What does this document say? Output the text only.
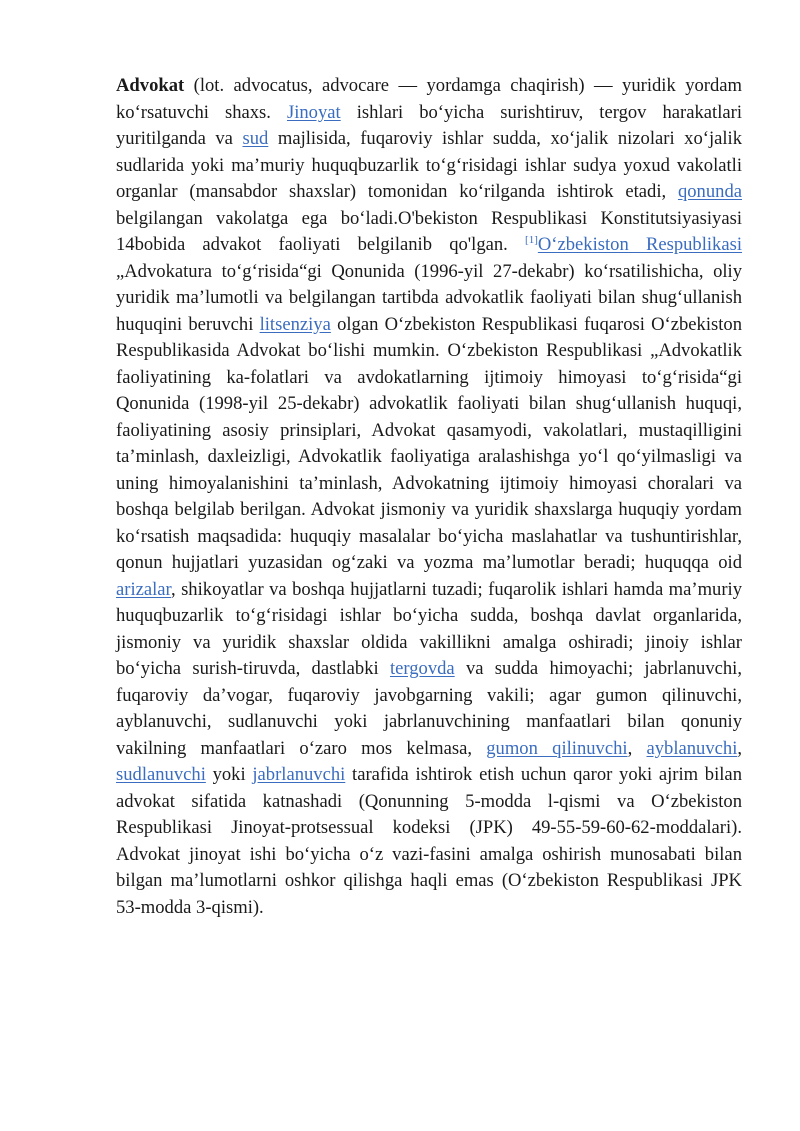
Advokat (lot. advocatus, advocare — yordamga chaqirish) — yuridik yordam koʻrsatuvchi shaxs. Jinoyat ishlari boʻyicha surishtiruv, tergov harakatlari yuritilganda va sud majlisida, fuqaroviy ishlar sudda, xoʻjalik nizolari xoʻjalik sudlarida yoki maʼmuriy huquqbuzarlik toʻgʻrisidagi ishlar sudya yoxud vakolatli organlar (mansabdor shaxslar) tomonidan koʻrilganda ishtirok etadi, qonunda belgilangan vakolatga ega boʻladi.O'bekiston Respublikasi Konstitutsiyasiyasi 14bobida advakot faoliyati belgilanib qo'lgan. [1]Oʻzbekiston Respublikasi „Advokatura toʻgʻrisida“gi Qonunida (1996-yil 27-dekabr) koʻrsatilishicha, oliy yuridik maʼlumotli va belgilangan tartibda advokatlik faoliyati bilan shugʻullanish huquqini beruvchi litsenziya olgan Oʻzbekiston Respublikasi fuqarosi Oʻzbekiston Respublikasida Advokat boʻlishi mumkin. Oʻzbekiston Respublikasi „Advokatlik faoliyatining ka-folatlari va avdokatlarning ijtimoiy himoyasi toʻgʻrisida“gi Qonunida (1998-yil 25-dekabr) advokatlik faoliyati bilan shugʻullanish huquqi, faoliyatining asosiy prinsiplari, Advokat qasamyodi, vakolatlari, mustaqilligini taʼminlash, daxleizligi, Advokatlik faoliyatiga aralashishga yoʻl qoʻyilmasligi va uning himoyalanishini taʼminlash, Advokatning ijtimoiy himoyasi choralari va boshqa belgilab berilgan. Advokat jismoniy va yuridik shaxslarga huquqiy yordam koʻrsatish maqsadida: huquqiy masalalar boʻyicha maslahatlar va tushuntirishlar, qonun hujjatlari yuzasidan ogʻzaki va yozma maʼlumotlar beradi; huquqqa oid arizalar, shikoyatlar va boshqa hujjatlarni tuzadi; fuqarolik ishlari hamda maʼmuriy huquqbuzarlik toʻgʻrisidagi ishlar boʻyicha sudda, boshqa davlat organlarida, jismoniy va yuridik shaxslar oldida vakillikni amalga oshiradi; jinoiy ishlar boʻyicha surish-tiruvda, dastlabki tergovda va sudda himoyachi; jabrlanuvchi, fuqaroviy daʼvogar, fuqaroviy javobgarning vakili; agar gumon qilinuvchi, ayblanuvchi, sudlanuvchi yoki jabrlanuvchining manfaatlari bilan qonuniy vakilning manfaatlari oʻzaro mos kelmasa, gumon qilinuvchi, ayblanuvchi, sudlanuvchi yoki jabrlanuvchi tarafida ishtirok etish uchun qaror yoki ajrim bilan advokat sifatida katnashadi (Qonunning 5-modda l-qismi va Oʻzbekiston Respublikasi Jinoyat-protsessual kodeksi (JPK) 49-55-59-60-62-moddalari). Advokat jinoyat ishi boʻyicha oʻz vazi-fasini amalga oshirish munosabati bilan bilgan maʼlumotlarni oshkor qilishga haqli emas (Oʻzbekiston Respublikasi JPK 53-modda 3-qismi).
